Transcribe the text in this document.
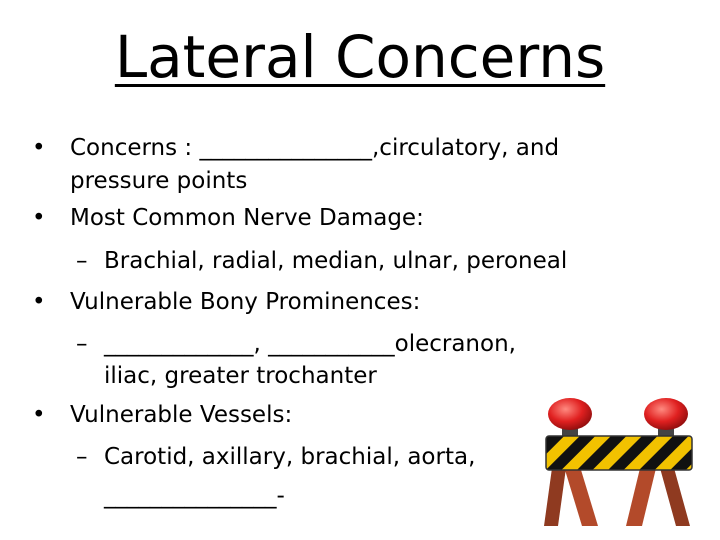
Lateral Concerns
• Concerns : _______________,circulatory, and
pressure points
• Most Common Nerve Damage:
– Brachial, radial, median, ulnar, peroneal
• Vulnerable Bony Prominences:
– _____________, ___________olecranon,
iliac, greater trochanter
• Vulnerable Vessels:
– Carotid, axillary, brachial, aorta,
_______________-
